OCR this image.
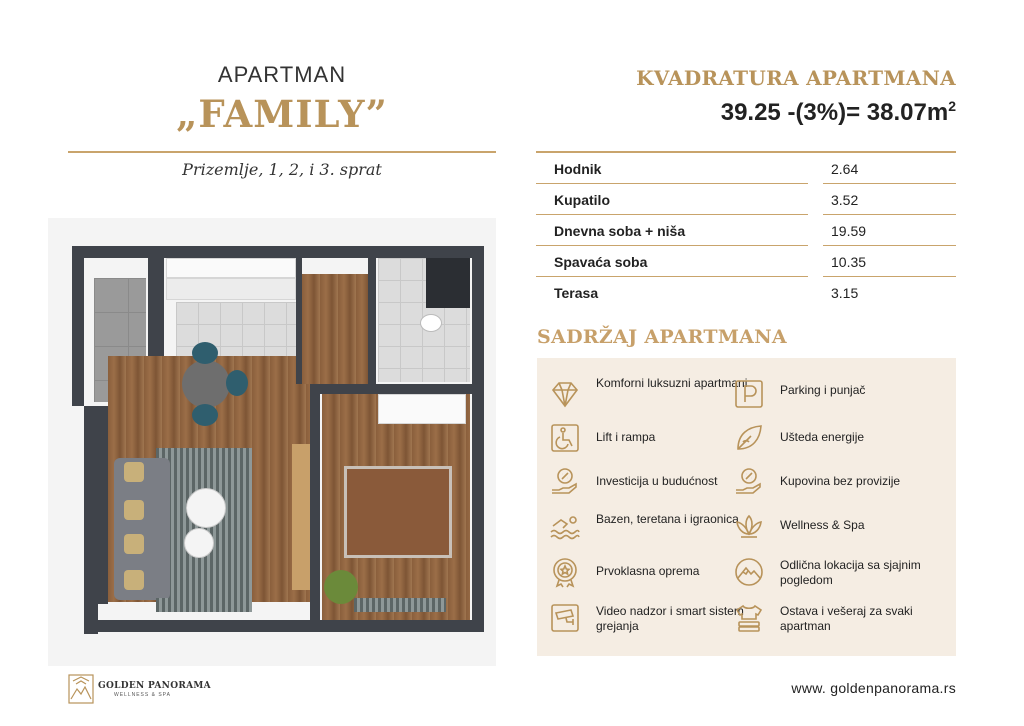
APARTMAN
„FAMILY”
Prizemlje, 1, 2, i 3. sprat
KVADRATURA APARTMANA
39.25 $-(3\%)= 38.07m^2$
Hodnik	2.64
Kupatilo	3.52
Dnevna soba + niša	19.59
Spavaća soba	10.35
Terasa	3.15
SADRŽAJ APARTMANA
Komforni luksuzni apartmani	Parking i punjač
Lift i rampa	Ušteda energije
Investicija u budućnost	Kupovina bez provizije
Bazen, teretana i igraonica	Wellness & Spa
Prvoklasna oprema	Odlična lokacija sa sjajnim pogledom
Video nadzor i smart sistem grejanja
Ostava i vešeraj za svaki apartman
GOLDEN PANORAMA
WELLNESS & SPA	www. goldenpanorama.rs
